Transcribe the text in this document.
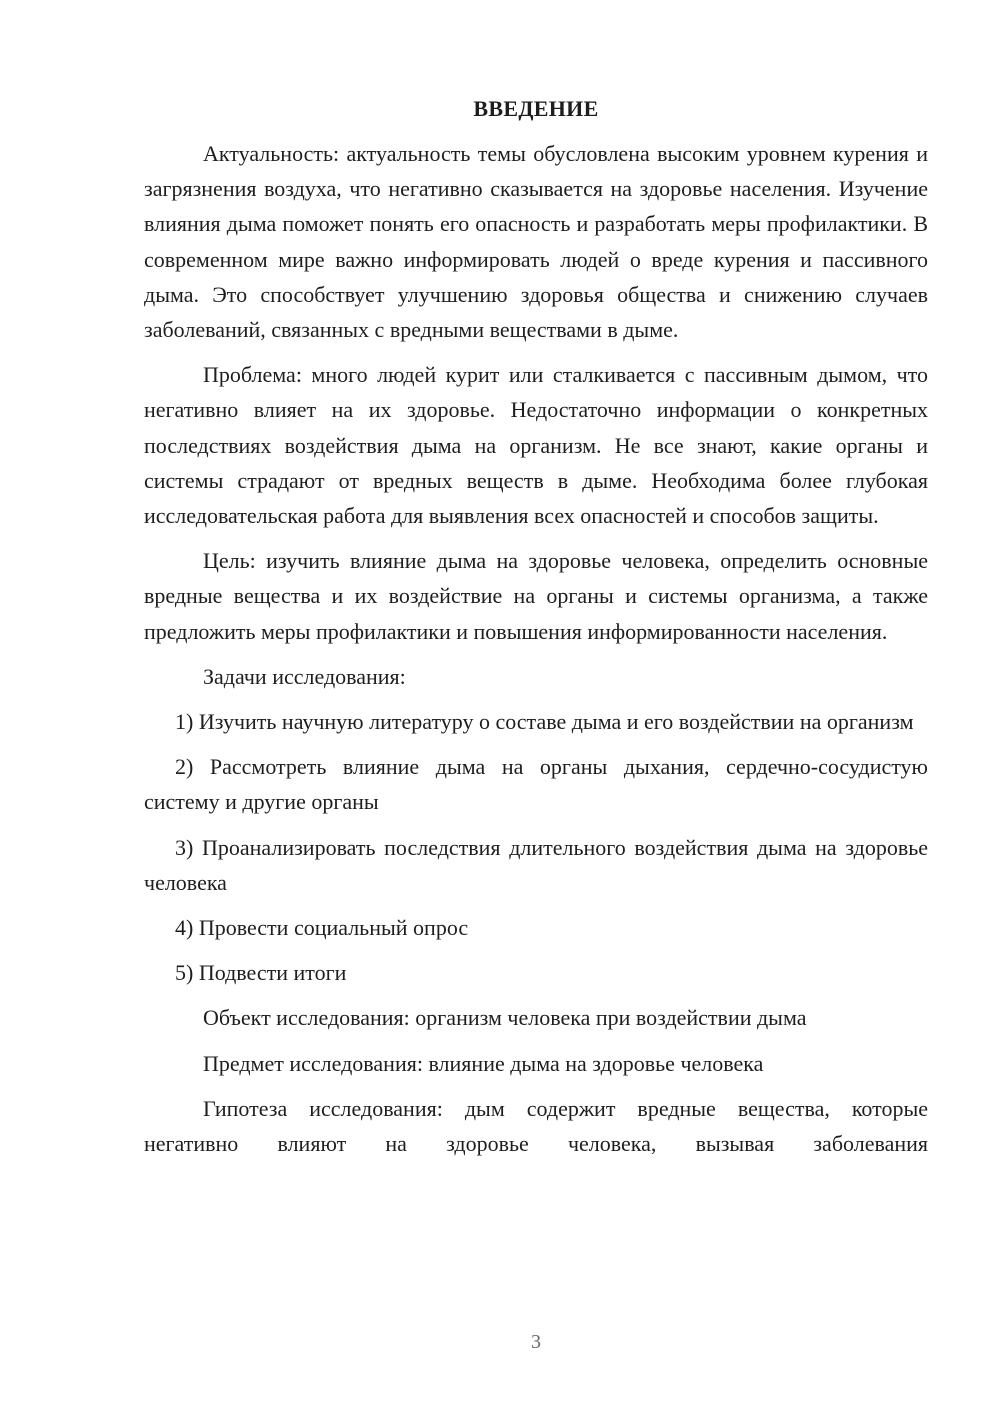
ВВЕДЕНИЕ

Актуальность: актуальность темы обусловлена высоким уровнем курения и загрязнения воздуха, что негативно сказывается на здоровье населения. Изучение влияния дыма поможет понять его опасность и разработать меры профилактики. В современном мире важно информировать людей о вреде курения и пассивного дыма. Это способствует улучшению здоровья общества и снижению случаев заболеваний, связанных с вредными веществами в дыме.

Проблема: много людей курит или сталкивается с пассивным дымом, что негативно влияет на их здоровье. Недостаточно информации о конкретных последствиях воздействия дыма на организм. Не все знают, какие органы и системы страдают от вредных веществ в дыме. Необходима более глубокая исследовательская работа для выявления всех опасностей и способов защиты.

Цель: изучить влияние дыма на здоровье человека, определить основные вредные вещества и их воздействие на органы и системы организма, а также предложить меры профилактики и повышения информированности населения.

Задачи исследования:

1) Изучить научную литературу о составе дыма и его воздействии на организм

2) Рассмотреть влияние дыма на органы дыхания, сердечно-сосудистую систему и другие органы

3) Проанализировать последствия длительного воздействия дыма на здоровье человека

4) Провести социальный опрос

5) Подвести итоги

Объект исследования: организм человека при воздействии дыма

Предмет исследования: влияние дыма на здоровье человека

Гипотеза исследования: дым содержит вредные вещества, которые негативно влияют на здоровье человека, вызывая заболевания

3
